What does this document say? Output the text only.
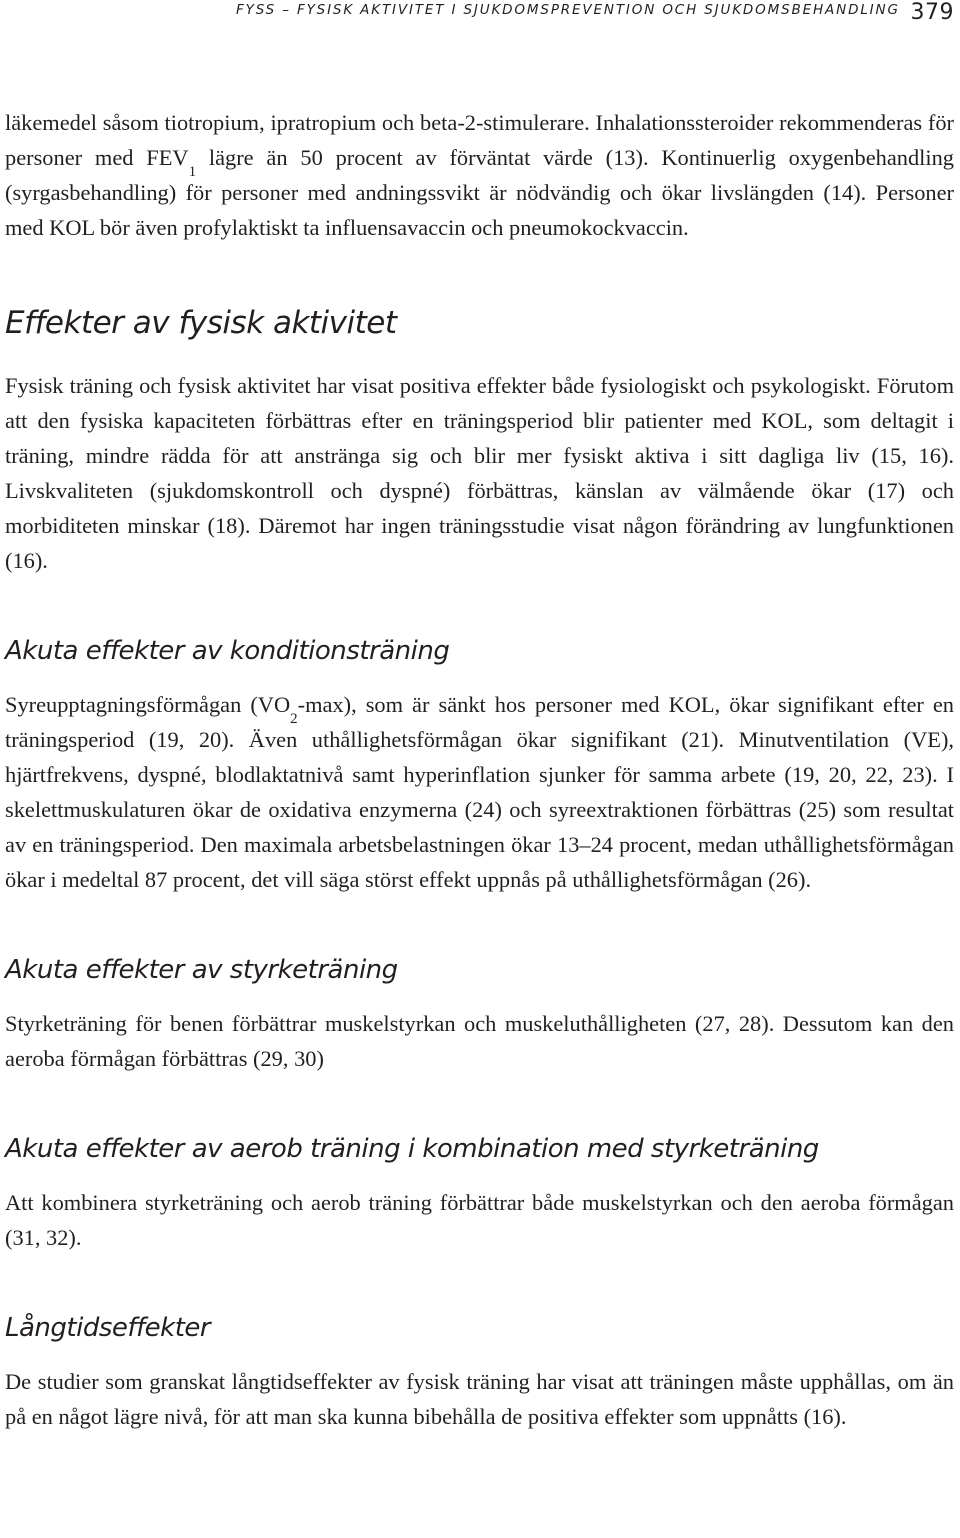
FYSS – FYSISK AKTIVITET I SJUKDOMSPREVENTION OCH SJUKDOMSBEHANDLING 379

läkemedel såsom tiotropium, ipratropium och beta-2-stimulerare. Inhalationssteroider rekommenderas för personer med $FEV_1$ lägre än 50 procent av förväntat värde (13). Kontinuerlig oxygenbehandling (syrgasbehandling) för personer med andningssvikt är nödvändig och ökar livslängden (14). Personer med KOL bör även profylaktiskt ta influensavaccin och pneumokockvaccin.

Effekter av fysisk aktivitet

Fysisk träning och fysisk aktivitet har visat positiva effekter både fysiologiskt och psykologiskt. Förutom att den fysiska kapaciteten förbättras efter en träningsperiod blir patienter med KOL, som deltagit i träning, mindre rädda för att anstränga sig och blir mer fysiskt aktiva i sitt dagliga liv (15, 16). Livskvaliteten (sjukdomskontroll och dyspné) förbättras, känslan av välmående ökar (17) och morbiditeten minskar (18). Däremot har ingen träningsstudie visat någon förändring av lungfunktionen (16).

Akuta effekter av konditionsträning

Syreupptagningsförmågan $(VO_2-\max)$, som är sänkt hos personer med KOL, ökar signifikant efter en träningsperiod (19, 20). Även uthållighetsförmågan ökar signifikant (21). Minutventilation (VE), hjärtfrekvens, dyspné, blodlaktatnivå samt hyperinflation sjunker för samma arbete (19, 20, 22, 23). I skelettmuskulaturen ökar de oxidativa enzymerna (24) och syreextraktionen förbättras (25) som resultat av en träningsperiod. Den maximala arbetsbelastningen ökar 13–24 procent, medan uthållighetsförmågan ökar i medeltal 87 procent, det vill säga störst effekt uppnås på uthållighetsförmågan (26).

Akuta effekter av styrketräning

Styrketräning för benen förbättrar muskelstyrkan och muskeluthålligheten (27, 28). Dessutom kan den aeroba förmågan förbättras (29, 30)

Akuta effekter av aerob träning i kombination med styrketräning

Att kombinera styrketräning och aerob träning förbättrar både muskelstyrkan och den aeroba förmågan (31, 32).

Långtidseffekter

De studier som granskat långtidseffekter av fysisk träning har visat att träningen måste upphållas, om än på en något lägre nivå, för att man ska kunna bibehålla de positiva effekter som uppnåtts (16).
